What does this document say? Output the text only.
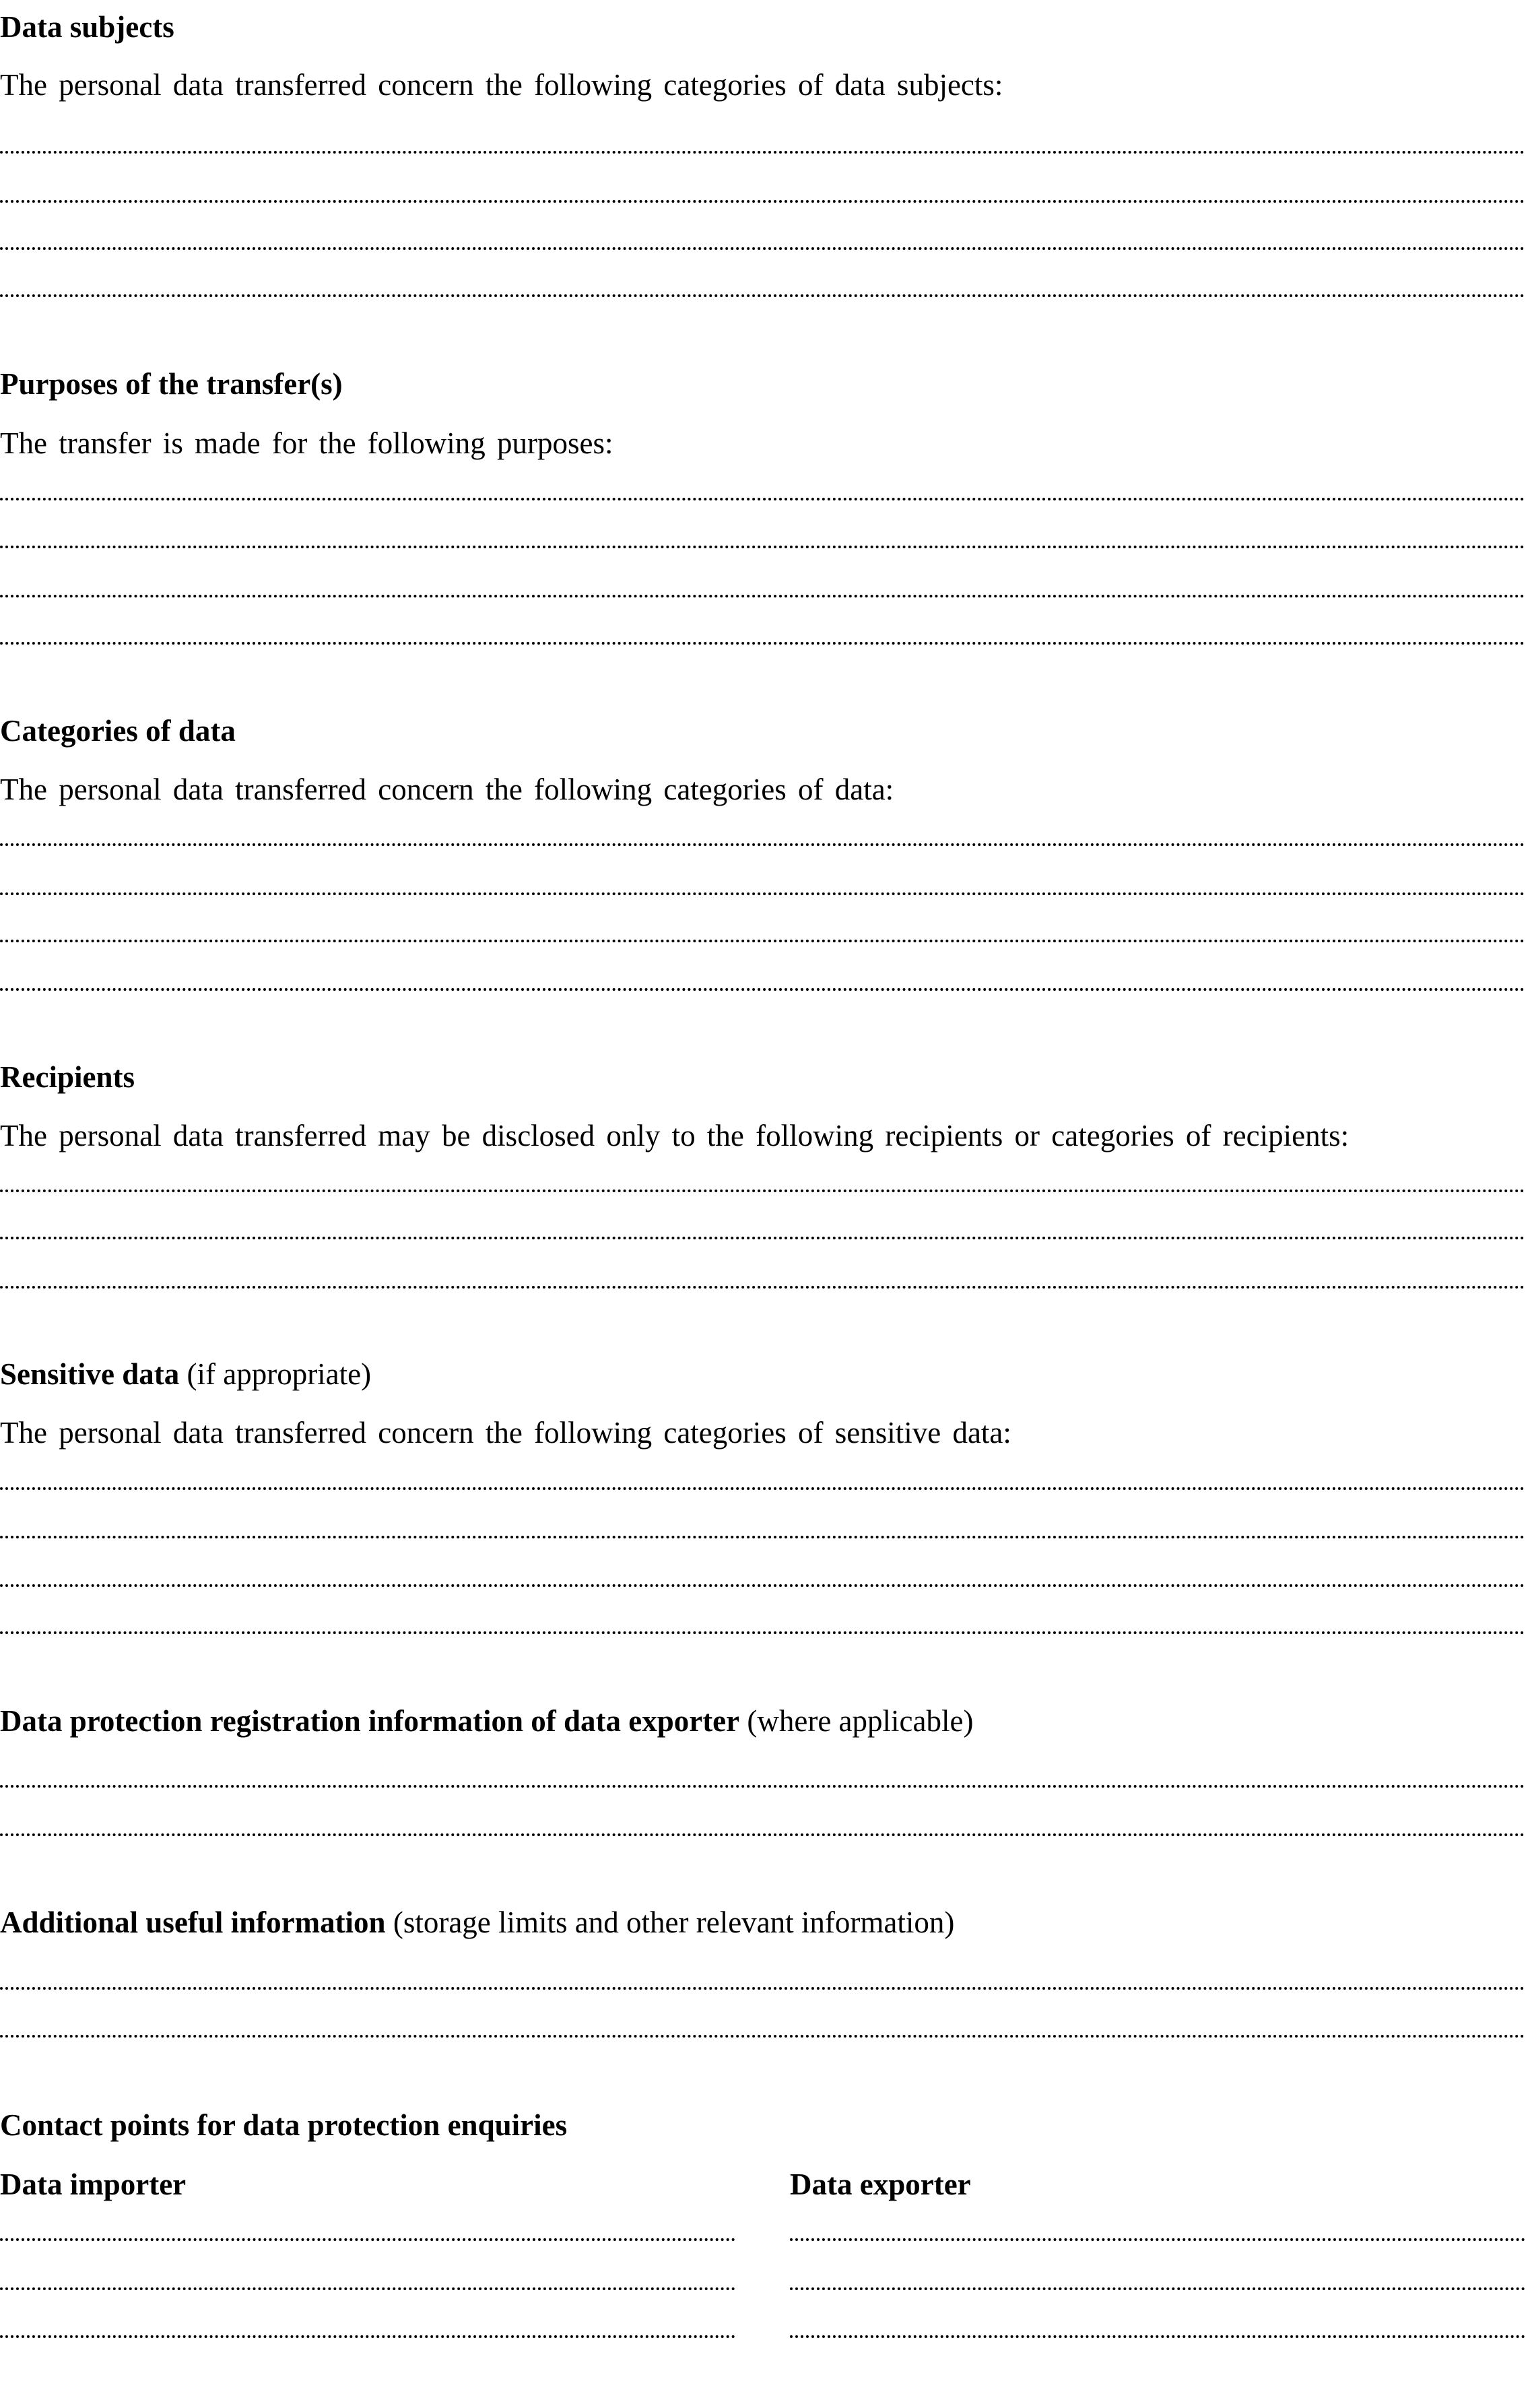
Data subjects
The personal data transferred concern the following categories of data subjects:
Purposes of the transfer(s)
The transfer is made for the following purposes:
Categories of data
The personal data transferred concern the following categories of data:
Recipients
The personal data transferred may be disclosed only to the following recipients or categories of recipients:
Sensitive data (if appropriate)
The personal data transferred concern the following categories of sensitive data:
Data protection registration information of data exporter (where applicable)
Additional useful information (storage limits and other relevant information)
Contact points for data protection enquiries
Data importer	Data exporter
